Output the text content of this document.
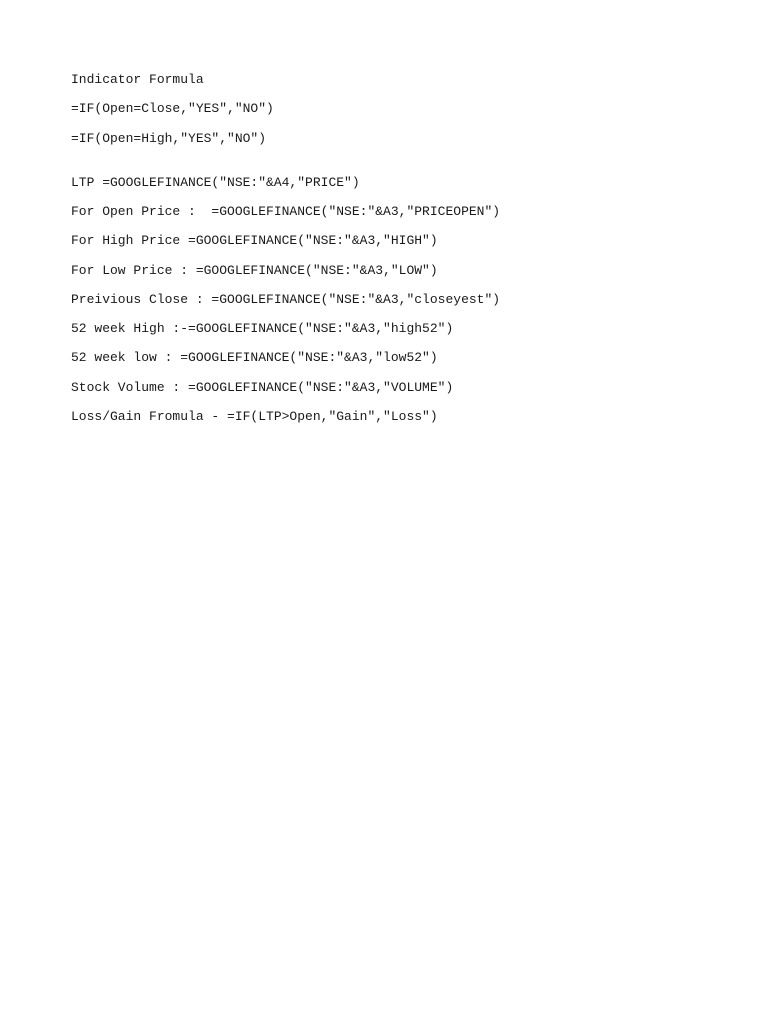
Indicator Formula
=IF(Open=Close,"YES","NO")
=IF(Open=High,"YES","NO")
LTP =GOOGLEFINANCE("NSE:"&A4,"PRICE")
For Open Price :  =GOOGLEFINANCE("NSE:"&A3,"PRICEOPEN")
For High Price =GOOGLEFINANCE("NSE:"&A3,"HIGH")
For Low Price : =GOOGLEFINANCE("NSE:"&A3,"LOW")
Preivious Close : =GOOGLEFINANCE("NSE:"&A3,"closeyest")
52 week High :-=GOOGLEFINANCE("NSE:"&A3,"high52")
52 week low : =GOOGLEFINANCE("NSE:"&A3,"low52")
Stock Volume : =GOOGLEFINANCE("NSE:"&A3,"VOLUME")
Loss/Gain Fromula - =IF(LTP>Open,"Gain","Loss")
